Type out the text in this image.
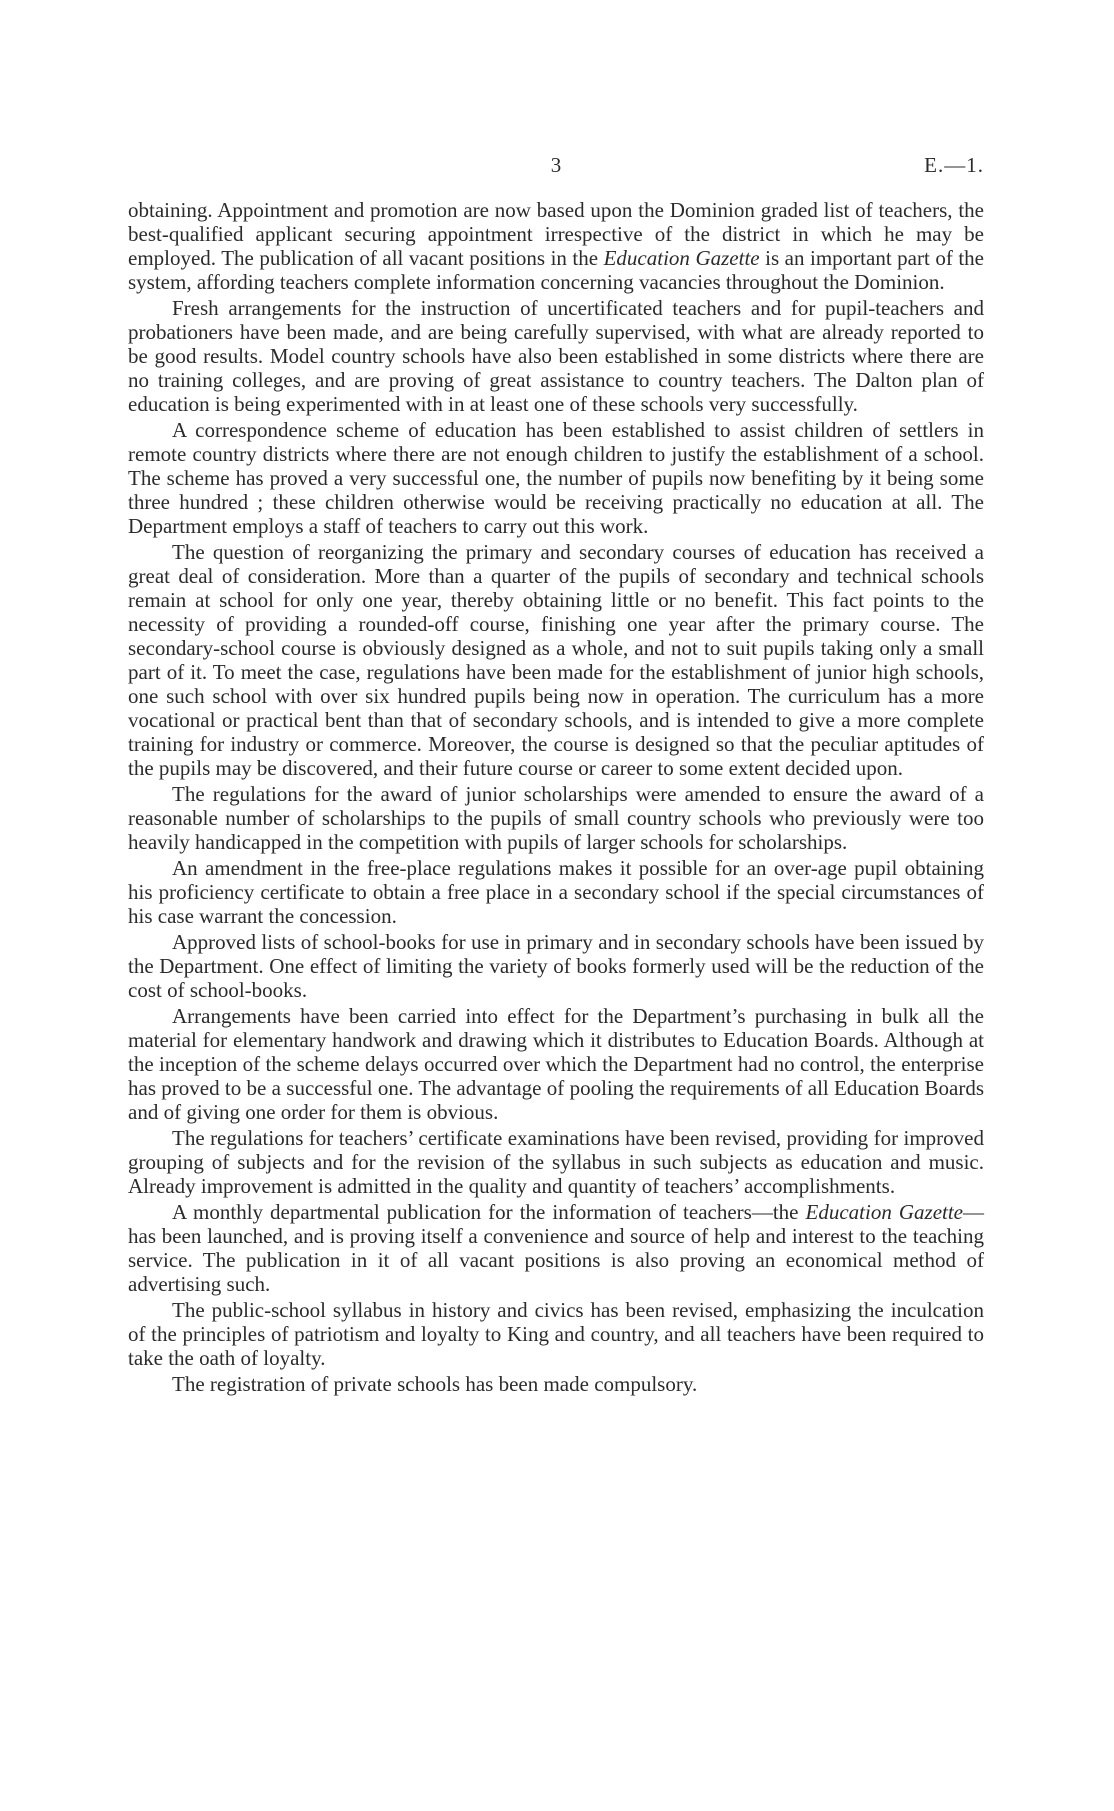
3	E.—1.

obtaining. Appointment and promotion are now based upon the Dominion graded list of teachers, the best-qualified applicant securing appointment irrespective of the district in which he may be employed. The publication of all vacant positions in the Education Gazette is an important part of the system, affording teachers complete information concerning vacancies throughout the Dominion.

Fresh arrangements for the instruction of uncertificated teachers and for pupil-teachers and probationers have been made, and are being carefully supervised, with what are already reported to be good results. Model country schools have also been established in some districts where there are no training colleges, and are proving of great assistance to country teachers. The Dalton plan of education is being experimented with in at least one of these schools very successfully.

A correspondence scheme of education has been established to assist children of settlers in remote country districts where there are not enough children to justify the establishment of a school. The scheme has proved a very successful one, the number of pupils now benefiting by it being some three hundred ; these children otherwise would be receiving practically no education at all. The Department employs a staff of teachers to carry out this work.

The question of reorganizing the primary and secondary courses of education has received a great deal of consideration. More than a quarter of the pupils of secondary and technical schools remain at school for only one year, thereby obtaining little or no benefit. This fact points to the necessity of providing a rounded-off course, finishing one year after the primary course. The secondary-school course is obviously designed as a whole, and not to suit pupils taking only a small part of it. To meet the case, regulations have been made for the establishment of junior high schools, one such school with over six hundred pupils being now in operation. The curriculum has a more vocational or practical bent than that of secondary schools, and is intended to give a more complete training for industry or commerce. Moreover, the course is designed so that the peculiar aptitudes of the pupils may be discovered, and their future course or career to some extent decided upon.

The regulations for the award of junior scholarships were amended to ensure the award of a reasonable number of scholarships to the pupils of small country schools who previously were too heavily handicapped in the competition with pupils of larger schools for scholarships.

An amendment in the free-place regulations makes it possible for an over-age pupil obtaining his proficiency certificate to obtain a free place in a secondary school if the special circumstances of his case warrant the concession.

Approved lists of school-books for use in primary and in secondary schools have been issued by the Department. One effect of limiting the variety of books formerly used will be the reduction of the cost of school-books.

Arrangements have been carried into effect for the Department’s purchasing in bulk all the material for elementary handwork and drawing which it distributes to Education Boards. Although at the inception of the scheme delays occurred over which the Department had no control, the enterprise has proved to be a successful one. The advantage of pooling the requirements of all Education Boards and of giving one order for them is obvious.

The regulations for teachers’ certificate examinations have been revised, providing for improved grouping of subjects and for the revision of the syllabus in such subjects as education and music. Already improvement is admitted in the quality and quantity of teachers’ accomplishments.

A monthly departmental publication for the information of teachers—the Education Gazette—has been launched, and is proving itself a convenience and source of help and interest to the teaching service. The publication in it of all vacant positions is also proving an economical method of advertising such.

The public-school syllabus in history and civics has been revised, emphasizing the inculcation of the principles of patriotism and loyalty to King and country, and all teachers have been required to take the oath of loyalty.

The registration of private schools has been made compulsory.
